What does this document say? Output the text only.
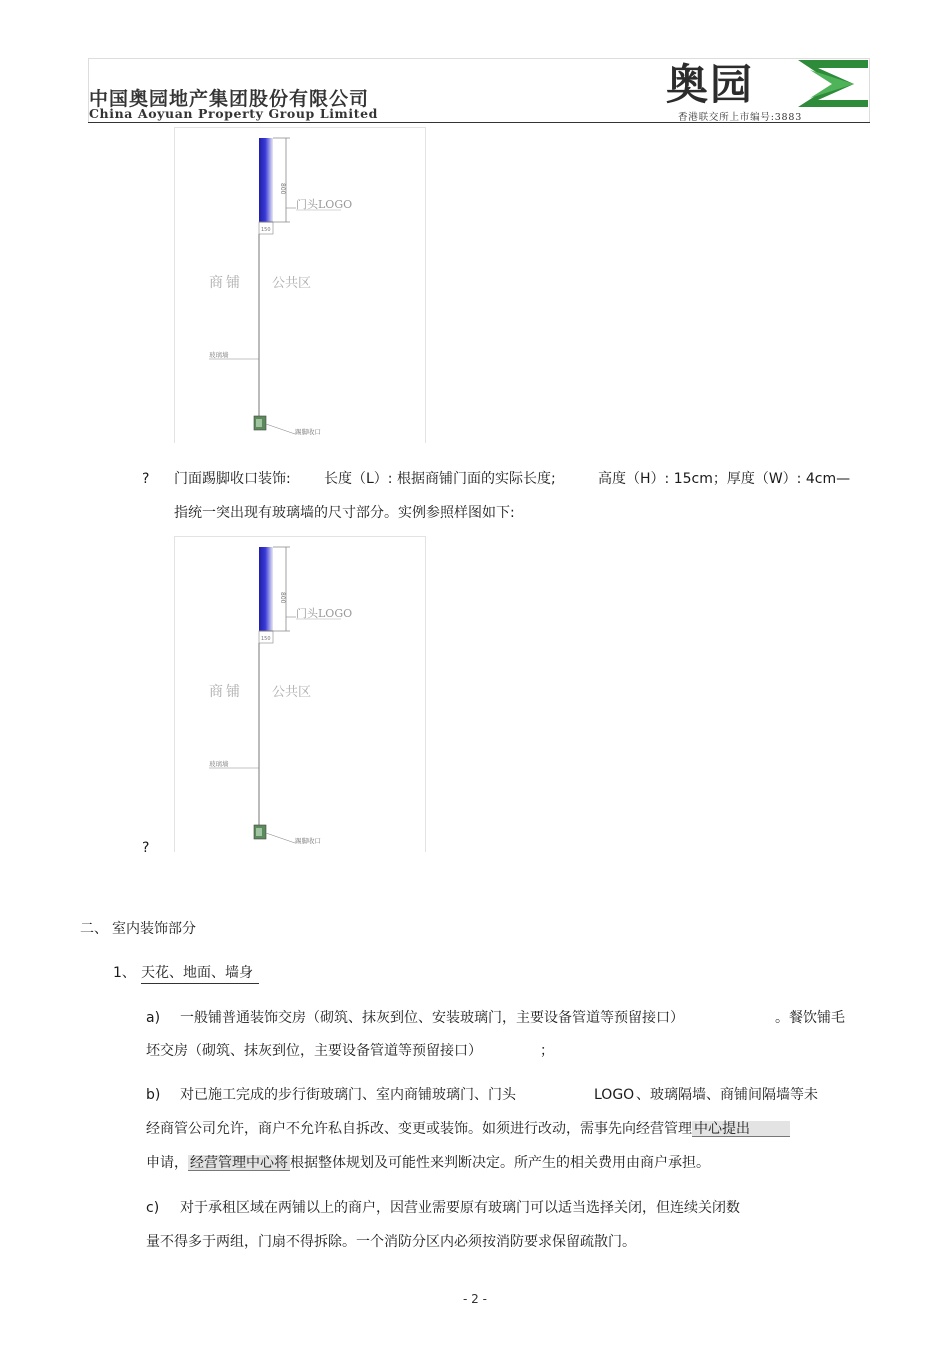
中国奥园地产集团股份有限公司
China Aoyuan Property Group Limited
奥园
香港联交所上市编号:3883
800
门头LOGO
150
商铺 公共区
玻璃墙
踢脚收口
? 门面踢脚收口装饰: 长度（L）: 根据商铺门面的实际长度;	高度（H）: 15cm；厚度（W）: 4cm—
指统一突出现有玻璃墙的尺寸部分。实例参照样图如下:
800
门头LOGO
150
商铺 公共区
玻璃墙
踢脚收口
?
二、 室内装饰部分
1、 天花、地面、墙身
a) 一般铺普通装饰交房（砌筑、抹灰到位、安装玻璃门，主要设备管道等预留接口）	。餐饮铺毛
坯交房（砌筑、抹灰到位，主要设备管道等预留接口）	；
b) 对已施工完成的步行街玻璃门、室内商铺玻璃门、门头	LOGO 、玻璃隔墙、商铺间隔墙等未
经商管公司允许，商户不允许私自拆改、变更或装饰。如须进行改动，需事先向经营管理 中心提出
申请， 经营管理中心将 根据整体规划及可能性来判断决定。所产生的相关费用由商户承担。
c) 对于承租区域在两铺以上的商户，因营业需要原有玻璃门可以适当选择关闭，但连续关闭数
量不得多于两组，门扇不得拆除。一个消防分区内必须按消防要求保留疏散门。
- 2 -
